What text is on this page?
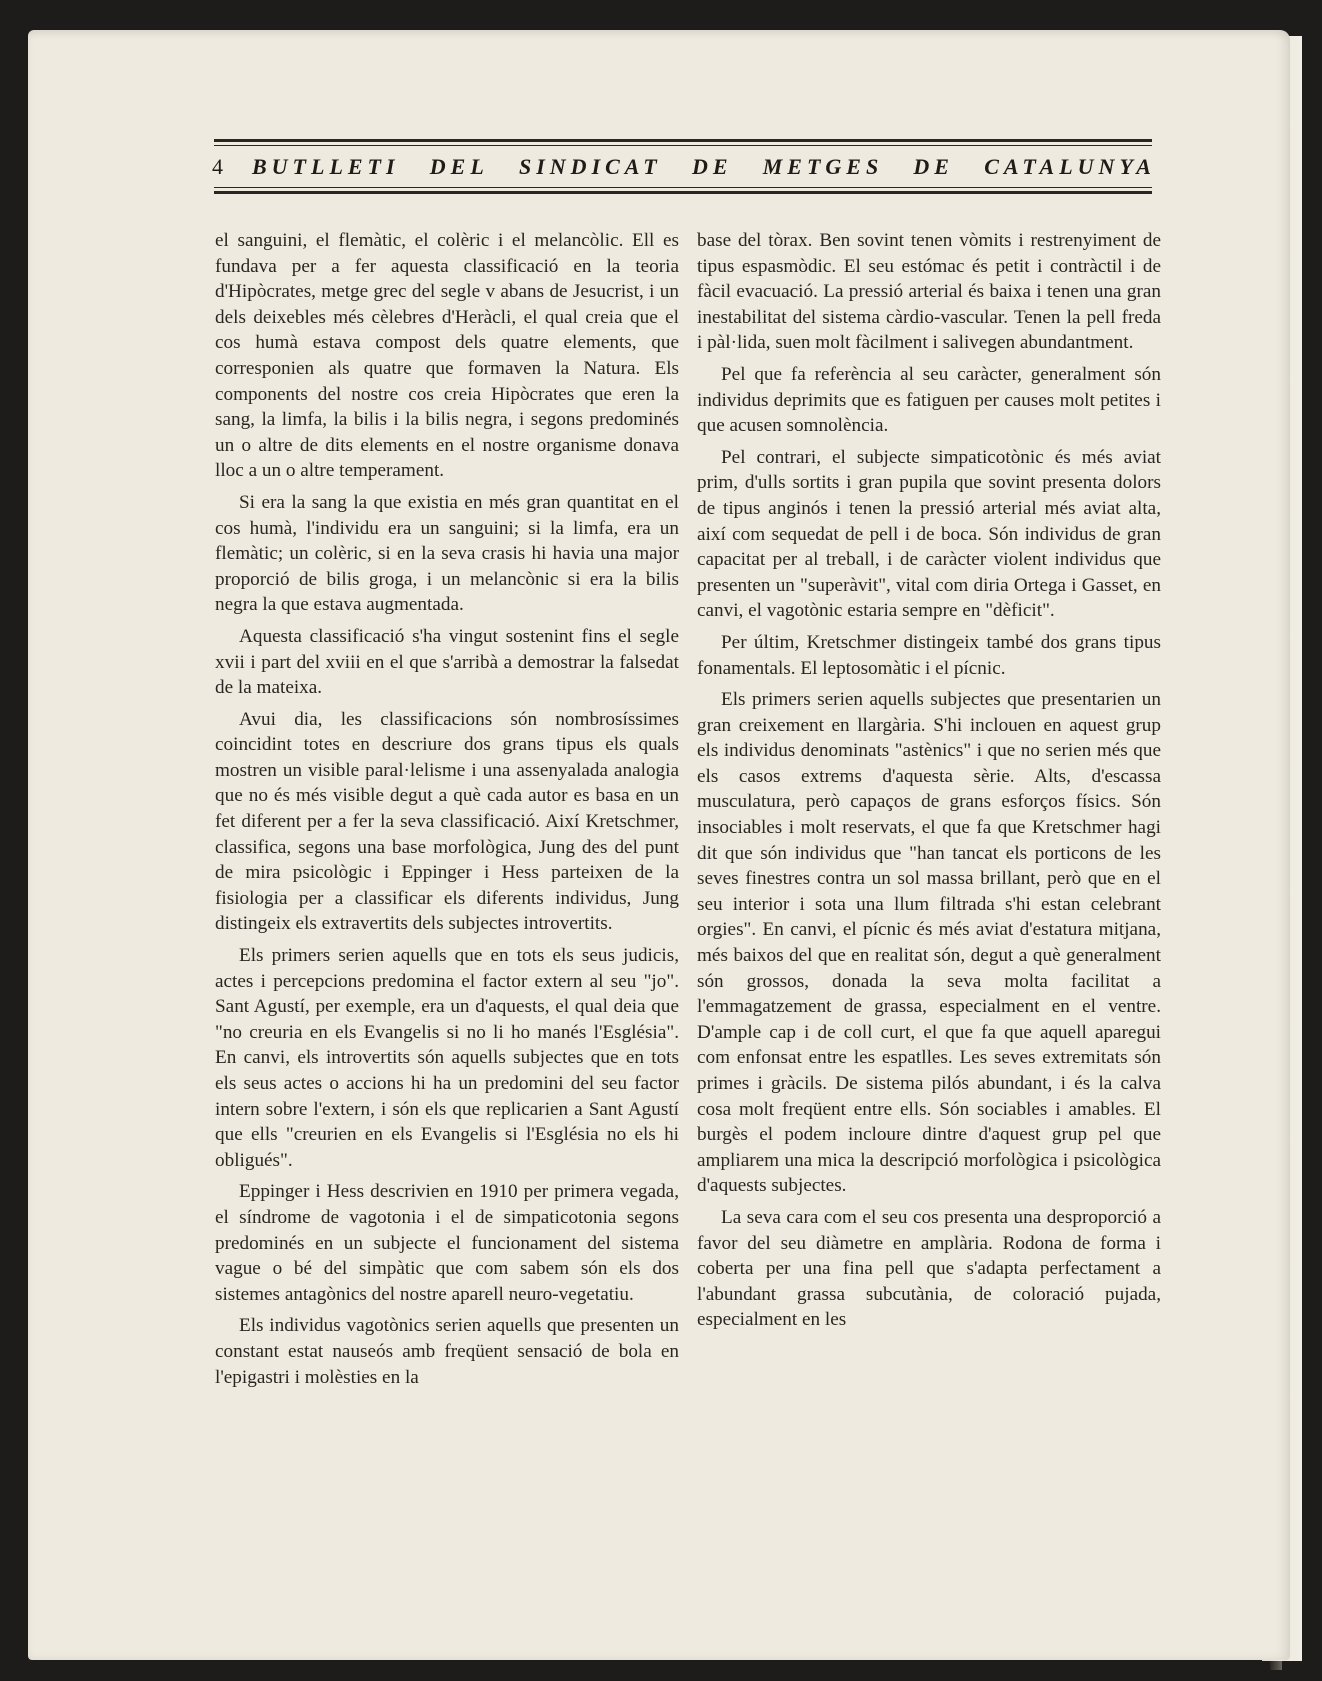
4	BUTLLETI DEL SINDICAT DE METGES DE CATALUNYA

el sanguini, el flemàtic, el colèric i el melancòlic. Ell es fundava per a fer aquesta classificació en la teoria d'Hipòcrates, metge grec del segle v abans de Jesucrist, i un dels deixebles més cèlebres d'Heràcli, el qual creia que el cos humà estava compost dels quatre elements, que corresponien als quatre que formaven la Natura. Els components del nostre cos creia Hipòcrates que eren la sang, la limfa, la bilis i la bilis negra, i segons predominés un o altre de dits elements en el nostre organisme donava lloc a un o altre temperament.

Si era la sang la que existia en més gran quantitat en el cos humà, l'individu era un sanguini; si la limfa, era un flemàtic; un colèric, si en la seva crasis hi havia una major proporció de bilis groga, i un melancònic si era la bilis negra la que estava augmentada.

Aquesta classificació s'ha vingut sostenint fins el segle xvii i part del xviii en el que s'arribà a demostrar la falsedat de la mateixa.

Avui dia, les classificacions són nombrosíssimes coincidint totes en descriure dos grans tipus els quals mostren un visible paral·lelisme i una assenyalada analogia que no és més visible degut a què cada autor es basa en un fet diferent per a fer la seva classificació. Així Kretschmer, classifica, segons una base morfològica, Jung des del punt de mira psicològic i Eppinger i Hess parteixen de la fisiologia per a classificar els diferents individus, Jung distingeix els extravertits dels subjectes introvertits.

Els primers serien aquells que en tots els seus judicis, actes i percepcions predomina el factor extern al seu "jo". Sant Agustí, per exemple, era un d'aquests, el qual deia que "no creuria en els Evangelis si no li ho manés l'Església". En canvi, els introvertits són aquells subjectes que en tots els seus actes o accions hi ha un predomini del seu factor intern sobre l'extern, i són els que replicarien a Sant Agustí que ells "creurien en els Evangelis si l'Església no els hi obligués".

Eppinger i Hess descrivien en 1910 per primera vegada, el síndrome de vagotonia i el de simpaticotonia segons predominés en un subjecte el funcionament del sistema vague o bé del simpàtic que com sabem són els dos sistemes antagònics del nostre aparell neuro-vegetatiu.

Els individus vagotònics serien aquells que presenten un constant estat nauseós amb freqüent sensació de bola en l'epigastri i molèsties en la

base del tòrax. Ben sovint tenen vòmits i restrenyiment de tipus espasmòdic. El seu estómac és petit i contràctil i de fàcil evacuació. La pressió arterial és baixa i tenen una gran inestabilitat del sistema càrdio-vascular. Tenen la pell freda i pàl·lida, suen molt fàcilment i salivegen abundantment.

Pel que fa referència al seu caràcter, generalment són individus deprimits que es fatiguen per causes molt petites i que acusen somnolència.

Pel contrari, el subjecte simpaticotònic és més aviat prim, d'ulls sortits i gran pupila que sovint presenta dolors de tipus anginós i tenen la pressió arterial més aviat alta, així com sequedat de pell i de boca. Són individus de gran capacitat per al treball, i de caràcter violent individus que presenten un "superàvit", vital com diria Ortega i Gasset, en canvi, el vagotònic estaria sempre en "dèficit".

Per últim, Kretschmer distingeix també dos grans tipus fonamentals. El leptosomàtic i el pícnic.

Els primers serien aquells subjectes que presentarien un gran creixement en llargària. S'hi inclouen en aquest grup els individus denominats "astènics" i que no serien més que els casos extrems d'aquesta sèrie. Alts, d'escassa musculatura, però capaços de grans esforços físics. Són insociables i molt reservats, el que fa que Kretschmer hagi dit que són individus que "han tancat els porticons de les seves finestres contra un sol massa brillant, però que en el seu interior i sota una llum filtrada s'hi estan celebrant orgies". En canvi, el pícnic és més aviat d'estatura mitjana, més baixos del que en realitat són, degut a què generalment són grossos, donada la seva molta facilitat a l'emmagatzement de grassa, especialment en el ventre. D'ample cap i de coll curt, el que fa que aquell aparegui com enfonsat entre les espatlles. Les seves extremitats són primes i gràcils. De sistema pilós abundant, i és la calva cosa molt freqüent entre ells. Són sociables i amables. El burgès el podem incloure dintre d'aquest grup pel que ampliarem una mica la descripció morfològica i psicològica d'aquests subjectes.

La seva cara com el seu cos presenta una desproporció a favor del seu diàmetre en amplària. Rodona de forma i coberta per una fina pell que s'adapta perfectament a l'abundant grassa subcutània, de coloració pujada, especialment en les
